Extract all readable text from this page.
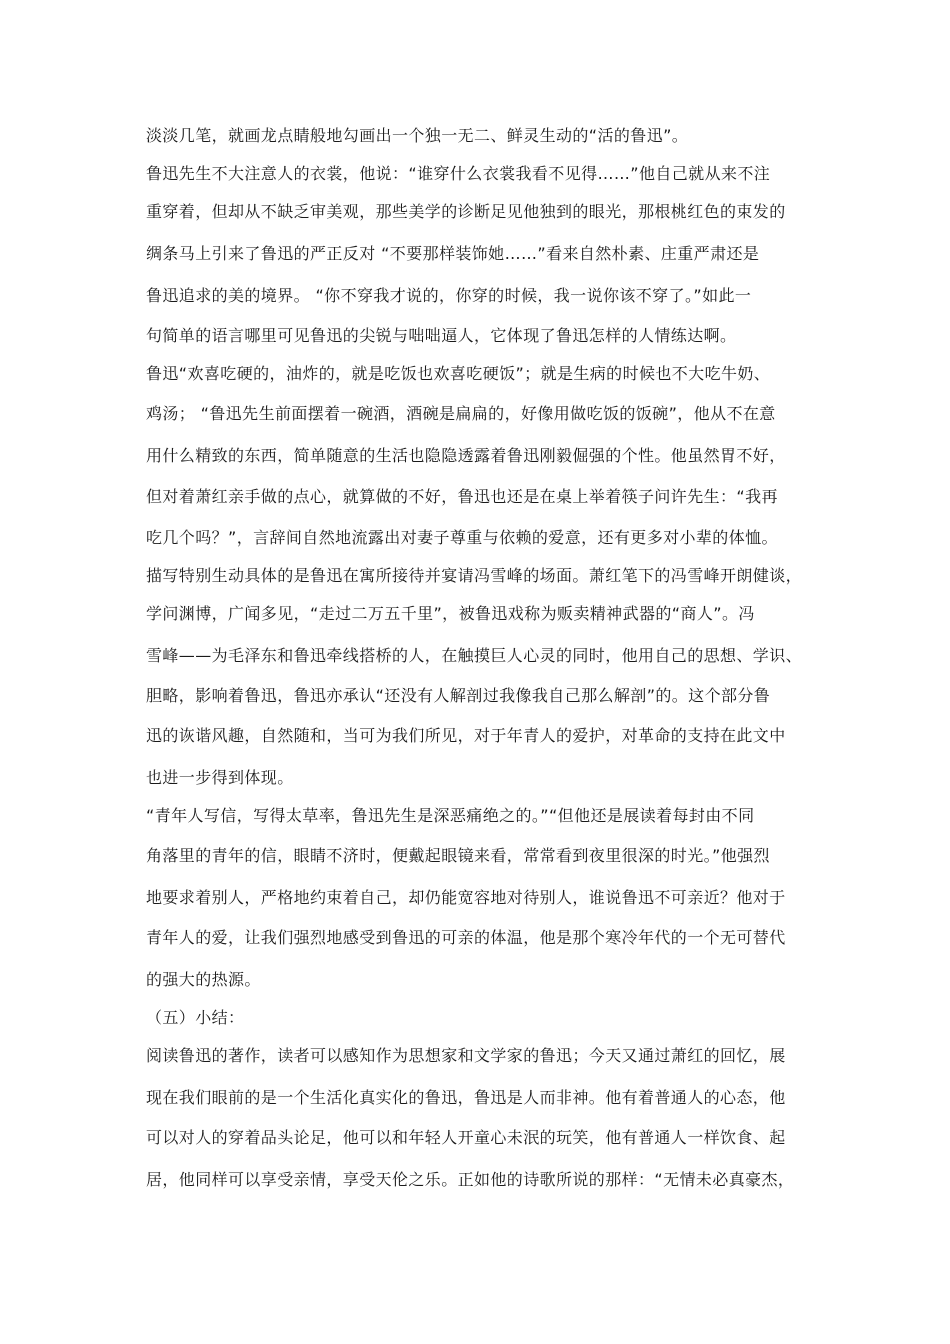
淡淡几笔，就画龙点睛般地勾画出一个独一无二、鲜灵生动的“活的鲁迅”。
鲁迅先生不大注意人的衣裳，他说：“谁穿什么衣裳我看不见得……”他自己就从来不注
重穿着，但却从不缺乏审美观，那些美学的诊断足见他独到的眼光，那根桃红色的束发的
绸条马上引来了鲁迅的严正反对 “不要那样装饰她……”看来自然朴素、庄重严肃还是
鲁迅追求的美的境界。 “你不穿我才说的，你穿的时候，我一说你该不穿了。”如此一
句简单的语言哪里可见鲁迅的尖锐与咄咄逼人，它体现了鲁迅怎样的人情练达啊。
鲁迅“欢喜吃硬的，油炸的，就是吃饭也欢喜吃硬饭”；就是生病的时候也不大吃牛奶、
鸡汤； “鲁迅先生前面摆着一碗酒，酒碗是扁扁的，好像用做吃饭的饭碗”，他从不在意
用什么精致的东西，简单随意的生活也隐隐透露着鲁迅刚毅倔强的个性。他虽然胃不好，
但对着萧红亲手做的点心，就算做的不好，鲁迅也还是在桌上举着筷子问许先生：“我再
吃几个吗？”，言辞间自然地流露出对妻子尊重与依赖的爱意，还有更多对小辈的体恤。
描写特别生动具体的是鲁迅在寓所接待并宴请冯雪峰的场面。萧红笔下的冯雪峰开朗健谈，
学问渊博，广闻多见，“走过二万五千里”，被鲁迅戏称为贩卖精神武器的“商人”。冯
雪峰——为毛泽东和鲁迅牵线搭桥的人，在触摸巨人心灵的同时，他用自己的思想、学识、
胆略，影响着鲁迅，鲁迅亦承认“还没有人解剖过我像我自己那么解剖”的。这个部分鲁
迅的诙谐风趣，自然随和，当可为我们所见，对于年青人的爱护，对革命的支持在此文中
也进一步得到体现。
“青年人写信，写得太草率，鲁迅先生是深恶痛绝之的。”“但他还是展读着每封由不同
角落里的青年的信，眼睛不济时，便戴起眼镜来看，常常看到夜里很深的时光。”他强烈
地要求着别人，严格地约束着自己，却仍能宽容地对待别人，谁说鲁迅不可亲近？他对于
青年人的爱，让我们强烈地感受到鲁迅的可亲的体温，他是那个寒冷年代的一个无可替代
的强大的热源。
（五）小结：
阅读鲁迅的著作，读者可以感知作为思想家和文学家的鲁迅；今天又通过萧红的回忆，展
现在我们眼前的是一个生活化真实化的鲁迅，鲁迅是人而非神。他有着普通人的心态，他
可以对人的穿着品头论足，他可以和年轻人开童心未泯的玩笑，他有普通人一样饮食、起
居，他同样可以享受亲情，享受天伦之乐。正如他的诗歌所说的那样：“无情未必真豪杰，
